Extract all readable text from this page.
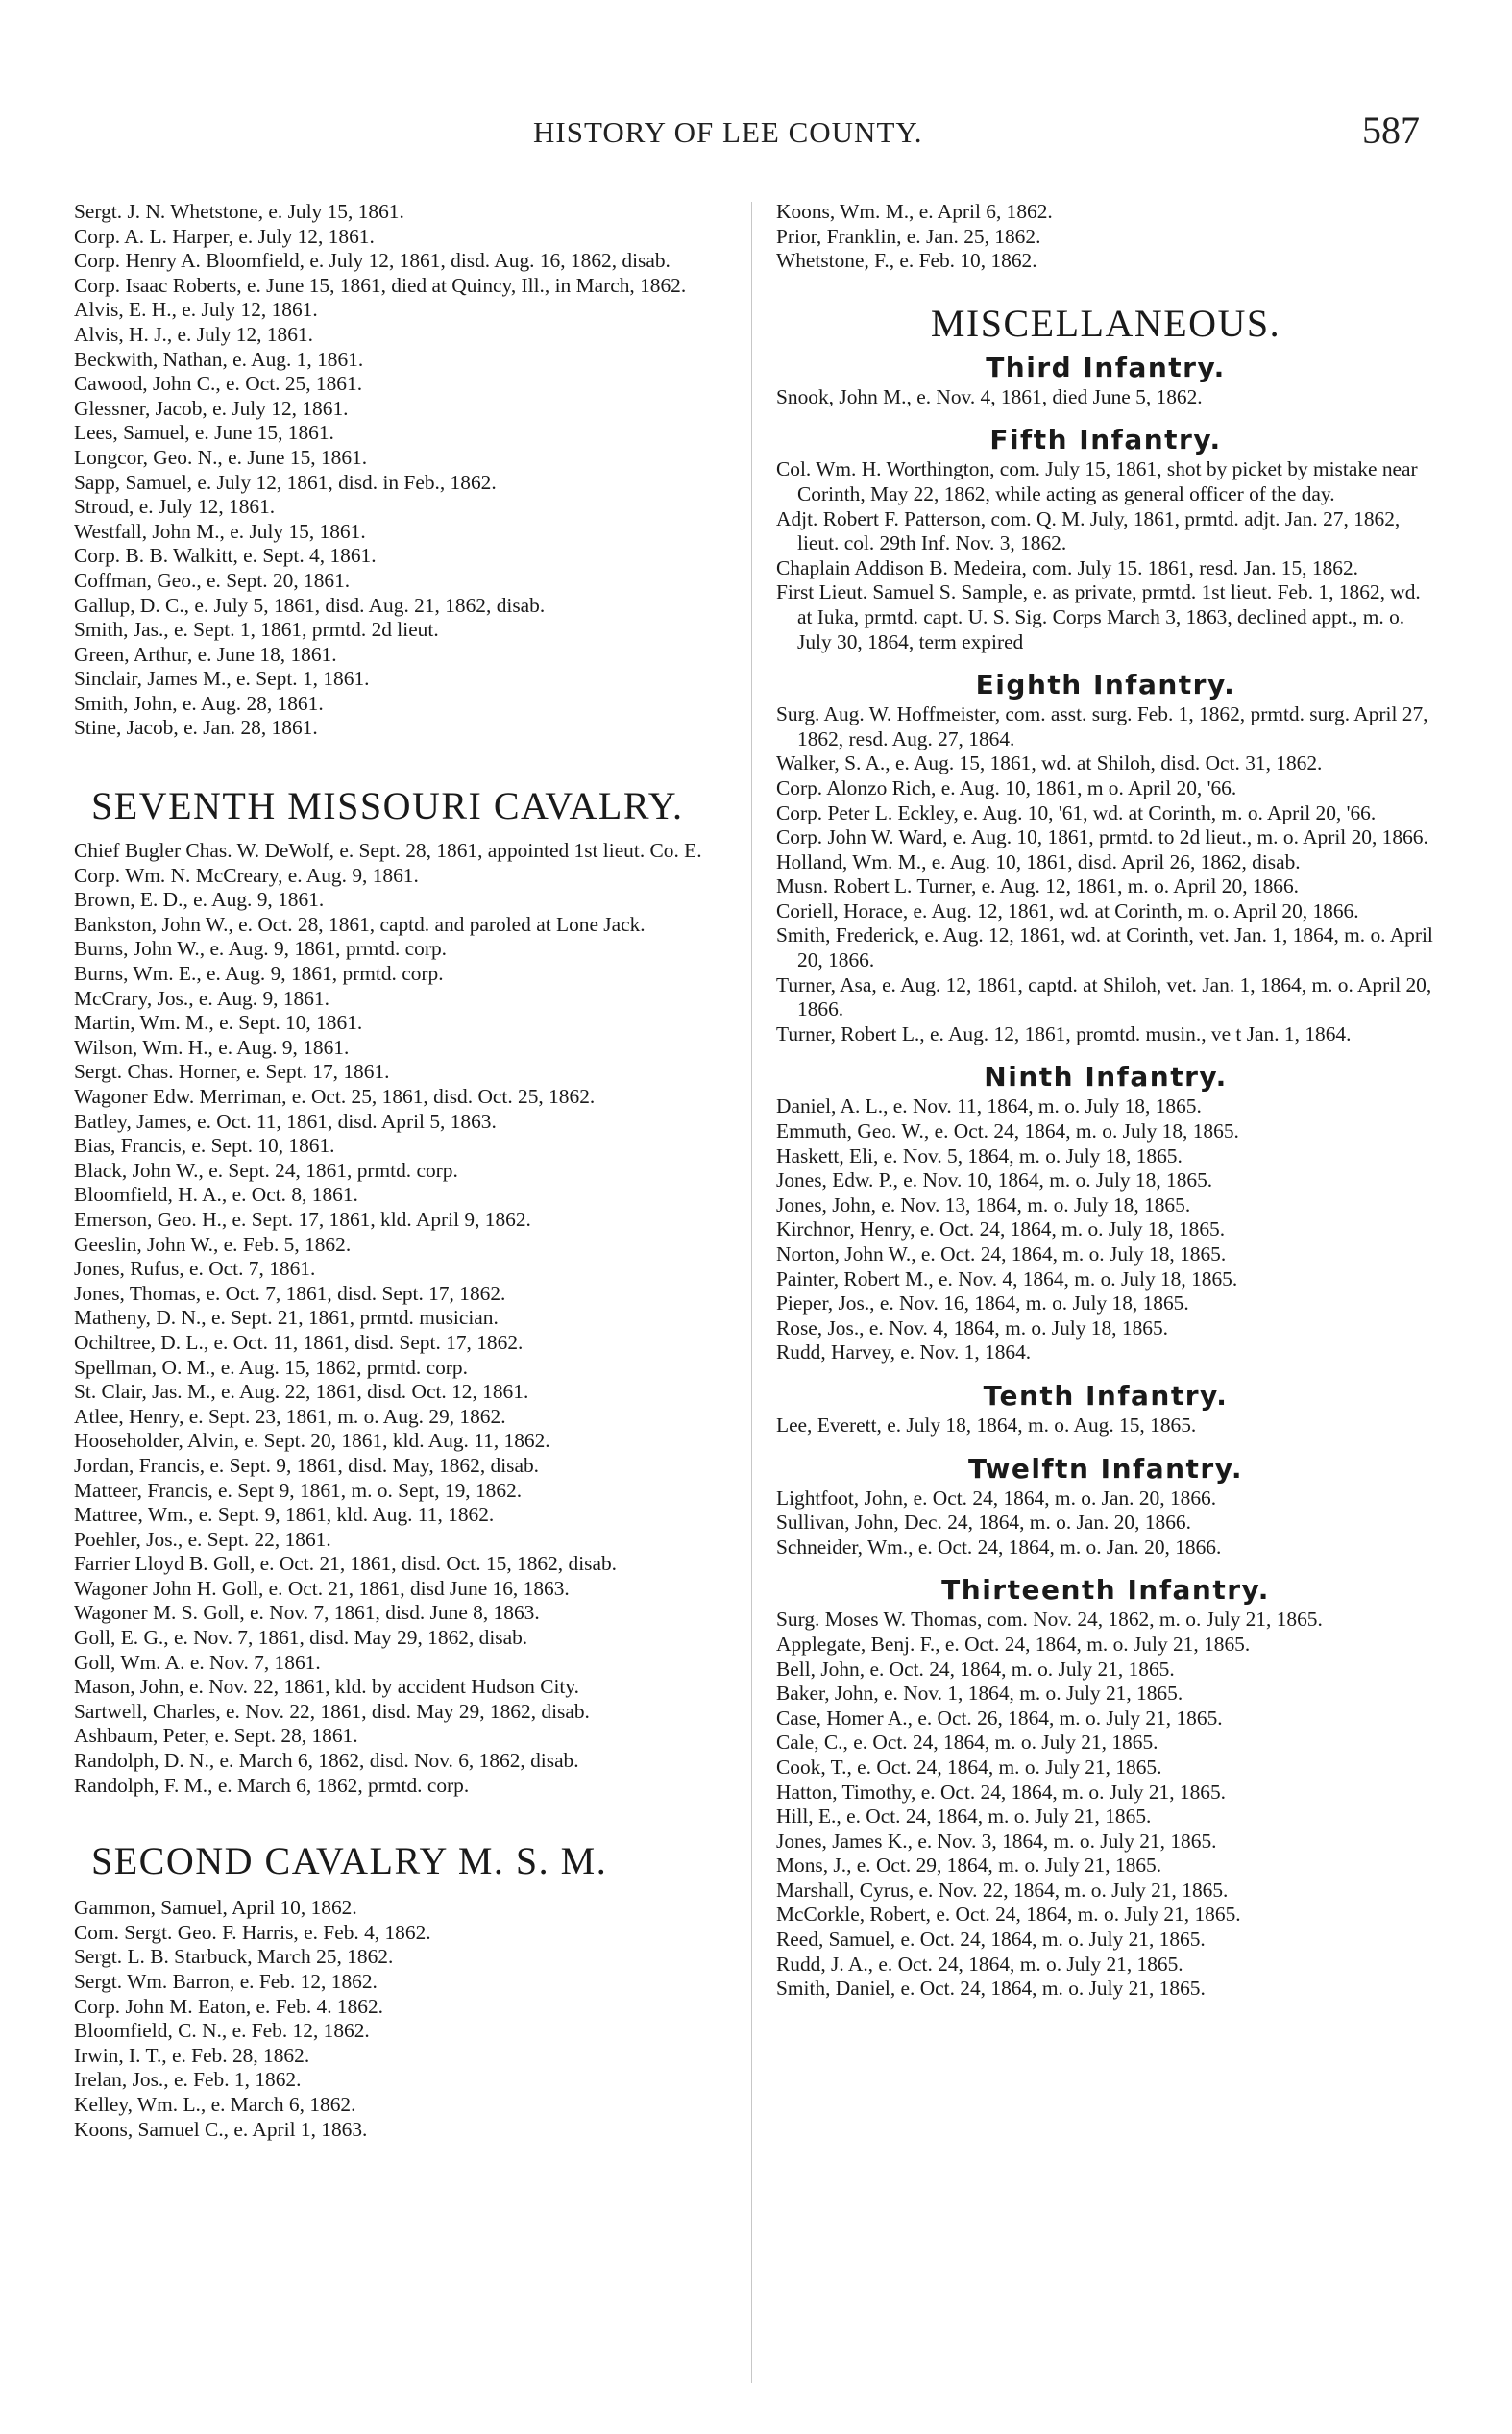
HISTORY OF LEE COUNTY.	587

Sergt. J. N. Whetstone, e. July 15, 1861.

Corp. A. L. Harper, e. July 12, 1861.

Corp. Henry A. Bloomfield, e. July 12, 1861, disd. Aug. 16, 1862, disab.

Corp. Isaac Roberts, e. June 15, 1861, died at Quincy, Ill., in March, 1862.

Alvis, E. H., e. July 12, 1861.

Alvis, H. J., e. July 12, 1861.

Beckwith, Nathan, e. Aug. 1, 1861.

Cawood, John C., e. Oct. 25, 1861.

Glessner, Jacob, e. July 12, 1861.

Lees, Samuel, e. June 15, 1861.

Longcor, Geo. N., e. June 15, 1861.

Sapp, Samuel, e. July 12, 1861, disd. in Feb., 1862.

Stroud, e. July 12, 1861.

Westfall, John M., e. July 15, 1861.

Corp. B. B. Walkitt, e. Sept. 4, 1861.

Coffman, Geo., e. Sept. 20, 1861.

Gallup, D. C., e. July 5, 1861, disd. Aug. 21, 1862, disab.

Smith, Jas., e. Sept. 1, 1861, prmtd. 2d lieut.

Green, Arthur, e. June 18, 1861.

Sinclair, James M., e. Sept. 1, 1861.

Smith, John, e. Aug. 28, 1861.

Stine, Jacob, e. Jan. 28, 1861.

SEVENTH MISSOURI CAVALRY.

Chief Bugler Chas. W. DeWolf, e. Sept. 28, 1861, appointed 1st lieut. Co. E.

Corp. Wm. N. McCreary, e. Aug. 9, 1861.

Brown, E. D., e. Aug. 9, 1861.

Bankston, John W., e. Oct. 28, 1861, captd. and paroled at Lone Jack.

Burns, John W., e. Aug. 9, 1861, prmtd. corp.

Burns, Wm. E., e. Aug. 9, 1861, prmtd. corp.

McCrary, Jos., e. Aug. 9, 1861.

Martin, Wm. M., e. Sept. 10, 1861.

Wilson, Wm. H., e. Aug. 9, 1861.

Sergt. Chas. Horner, e. Sept. 17, 1861.

Wagoner Edw. Merriman, e. Oct. 25, 1861, disd. Oct. 25, 1862.

Batley, James, e. Oct. 11, 1861, disd. April 5, 1863.

Bias, Francis, e. Sept. 10, 1861.

Black, John W., e. Sept. 24, 1861, prmtd. corp.

Bloomfield, H. A., e. Oct. 8, 1861.

Emerson, Geo. H., e. Sept. 17, 1861, kld. April 9, 1862.

Geeslin, John W., e. Feb. 5, 1862.

Jones, Rufus, e. Oct. 7, 1861.

Jones, Thomas, e. Oct. 7, 1861, disd. Sept. 17, 1862.

Matheny, D. N., e. Sept. 21, 1861, prmtd. musician.

Ochiltree, D. L., e. Oct. 11, 1861, disd. Sept. 17, 1862.

Spellman, O. M., e. Aug. 15, 1862, prmtd. corp.

St. Clair, Jas. M., e. Aug. 22, 1861, disd. Oct. 12, 1861.

Atlee, Henry, e. Sept. 23, 1861, m. o. Aug. 29, 1862.

Hooseholder, Alvin, e. Sept. 20, 1861, kld. Aug. 11, 1862.

Jordan, Francis, e. Sept. 9, 1861, disd. May, 1862, disab.

Matteer, Francis, e. Sept 9, 1861, m. o. Sept, 19, 1862.

Mattree, Wm., e. Sept. 9, 1861, kld. Aug. 11, 1862.

Poehler, Jos., e. Sept. 22, 1861.

Farrier Lloyd B. Goll, e. Oct. 21, 1861, disd. Oct. 15, 1862, disab.

Wagoner John H. Goll, e. Oct. 21, 1861, disd June 16, 1863.

Wagoner M. S. Goll, e. Nov. 7, 1861, disd. June 8, 1863.

Goll, E. G., e. Nov. 7, 1861, disd. May 29, 1862, disab.

Goll, Wm. A. e. Nov. 7, 1861.

Mason, John, e. Nov. 22, 1861, kld. by accident Hudson City.

Sartwell, Charles, e. Nov. 22, 1861, disd. May 29, 1862, disab.

Ashbaum, Peter, e. Sept. 28, 1861.

Randolph, D. N., e. March 6, 1862, disd. Nov. 6, 1862, disab.

Randolph, F. M., e. March 6, 1862, prmtd. corp.

SECOND CAVALRY M. S. M.

Gammon, Samuel, April 10, 1862.

Com. Sergt. Geo. F. Harris, e. Feb. 4, 1862.

Sergt. L. B. Starbuck, March 25, 1862.

Sergt. Wm. Barron, e. Feb. 12, 1862.

Corp. John M. Eaton, e. Feb. 4. 1862.

Bloomfield, C. N., e. Feb. 12, 1862.

Irwin, I. T., e. Feb. 28, 1862.

Irelan, Jos., e. Feb. 1, 1862.

Kelley, Wm. L., e. March 6, 1862.

Koons, Samuel C., e. April 1, 1863.

Koons, Wm. M., e. April 6, 1862.

Prior, Franklin, e. Jan. 25, 1862.

Whetstone, F., e. Feb. 10, 1862.

MISCELLANEOUS.
Third Infantry.

Snook, John M., e. Nov. 4, 1861, died June 5, 1862.

Fifth Infantry.

Col. Wm. H. Worthington, com. July 15, 1861, shot by picket by mistake near Corinth, May 22, 1862, while acting as general officer of the day.

Adjt. Robert F. Patterson, com. Q. M. July, 1861, prmtd. adjt. Jan. 27, 1862, lieut. col. 29th Inf. Nov. 3, 1862.

Chaplain Addison B. Medeira, com. July 15. 1861, resd. Jan. 15, 1862.

First Lieut. Samuel S. Sample, e. as private, prmtd. 1st lieut. Feb. 1, 1862, wd. at Iuka, prmtd. capt. U. S. Sig. Corps March 3, 1863, declined appt., m. o. July 30, 1864, term expired

Eighth Infantry.

Surg. Aug. W. Hoffmeister, com. asst. surg. Feb. 1, 1862, prmtd. surg. April 27, 1862, resd. Aug. 27, 1864.

Walker, S. A., e. Aug. 15, 1861, wd. at Shiloh, disd. Oct. 31, 1862.

Corp. Alonzo Rich, e. Aug. 10, 1861, m o. April 20, '66.

Corp. Peter L. Eckley, e. Aug. 10, '61, wd. at Corinth, m. o. April 20, '66.

Corp. John W. Ward, e. Aug. 10, 1861, prmtd. to 2d lieut., m. o. April 20, 1866.

Holland, Wm. M., e. Aug. 10, 1861, disd. April 26, 1862, disab.

Musn. Robert L. Turner, e. Aug. 12, 1861, m. o. April 20, 1866.

Coriell, Horace, e. Aug. 12, 1861, wd. at Corinth, m. o. April 20, 1866.

Smith, Frederick, e. Aug. 12, 1861, wd. at Corinth, vet. Jan. 1, 1864, m. o. April 20, 1866.

Turner, Asa, e. Aug. 12, 1861, captd. at Shiloh, vet. Jan. 1, 1864, m. o. April 20, 1866.

Turner, Robert L., e. Aug. 12, 1861, promtd. musin., ve t Jan. 1, 1864.

Ninth Infantry.

Daniel, A. L., e. Nov. 11, 1864, m. o. July 18, 1865.

Emmuth, Geo. W., e. Oct. 24, 1864, m. o. July 18, 1865.

Haskett, Eli, e. Nov. 5, 1864, m. o. July 18, 1865.

Jones, Edw. P., e. Nov. 10, 1864, m. o. July 18, 1865.

Jones, John, e. Nov. 13, 1864, m. o. July 18, 1865.

Kirchnor, Henry, e. Oct. 24, 1864, m. o. July 18, 1865.

Norton, John W., e. Oct. 24, 1864, m. o. July 18, 1865.

Painter, Robert M., e. Nov. 4, 1864, m. o. July 18, 1865.

Pieper, Jos., e. Nov. 16, 1864, m. o. July 18, 1865.

Rose, Jos., e. Nov. 4, 1864, m. o. July 18, 1865.

Rudd, Harvey, e. Nov. 1, 1864.

Tenth Infantry.

Lee, Everett, e. July 18, 1864, m. o. Aug. 15, 1865.

Twelftn Infantry.

Lightfoot, John, e. Oct. 24, 1864, m. o. Jan. 20, 1866.

Sullivan, John, Dec. 24, 1864, m. o. Jan. 20, 1866.

Schneider, Wm., e. Oct. 24, 1864, m. o. Jan. 20, 1866.

Thirteenth Infantry.

Surg. Moses W. Thomas, com. Nov. 24, 1862, m. o. July 21, 1865.

Applegate, Benj. F., e. Oct. 24, 1864, m. o. July 21, 1865.

Bell, John, e. Oct. 24, 1864, m. o. July 21, 1865.

Baker, John, e. Nov. 1, 1864, m. o. July 21, 1865.

Case, Homer A., e. Oct. 26, 1864, m. o. July 21, 1865.

Cale, C., e. Oct. 24, 1864, m. o. July 21, 1865.

Cook, T., e. Oct. 24, 1864, m. o. July 21, 1865.

Hatton, Timothy, e. Oct. 24, 1864, m. o. July 21, 1865.

Hill, E., e. Oct. 24, 1864, m. o. July 21, 1865.

Jones, James K., e. Nov. 3, 1864, m. o. July 21, 1865.

Mons, J., e. Oct. 29, 1864, m. o. July 21, 1865.

Marshall, Cyrus, e. Nov. 22, 1864, m. o. July 21, 1865.

McCorkle, Robert, e. Oct. 24, 1864, m. o. July 21, 1865.

Reed, Samuel, e. Oct. 24, 1864, m. o. July 21, 1865.

Rudd, J. A., e. Oct. 24, 1864, m. o. July 21, 1865.

Smith, Daniel, e. Oct. 24, 1864, m. o. July 21, 1865.
